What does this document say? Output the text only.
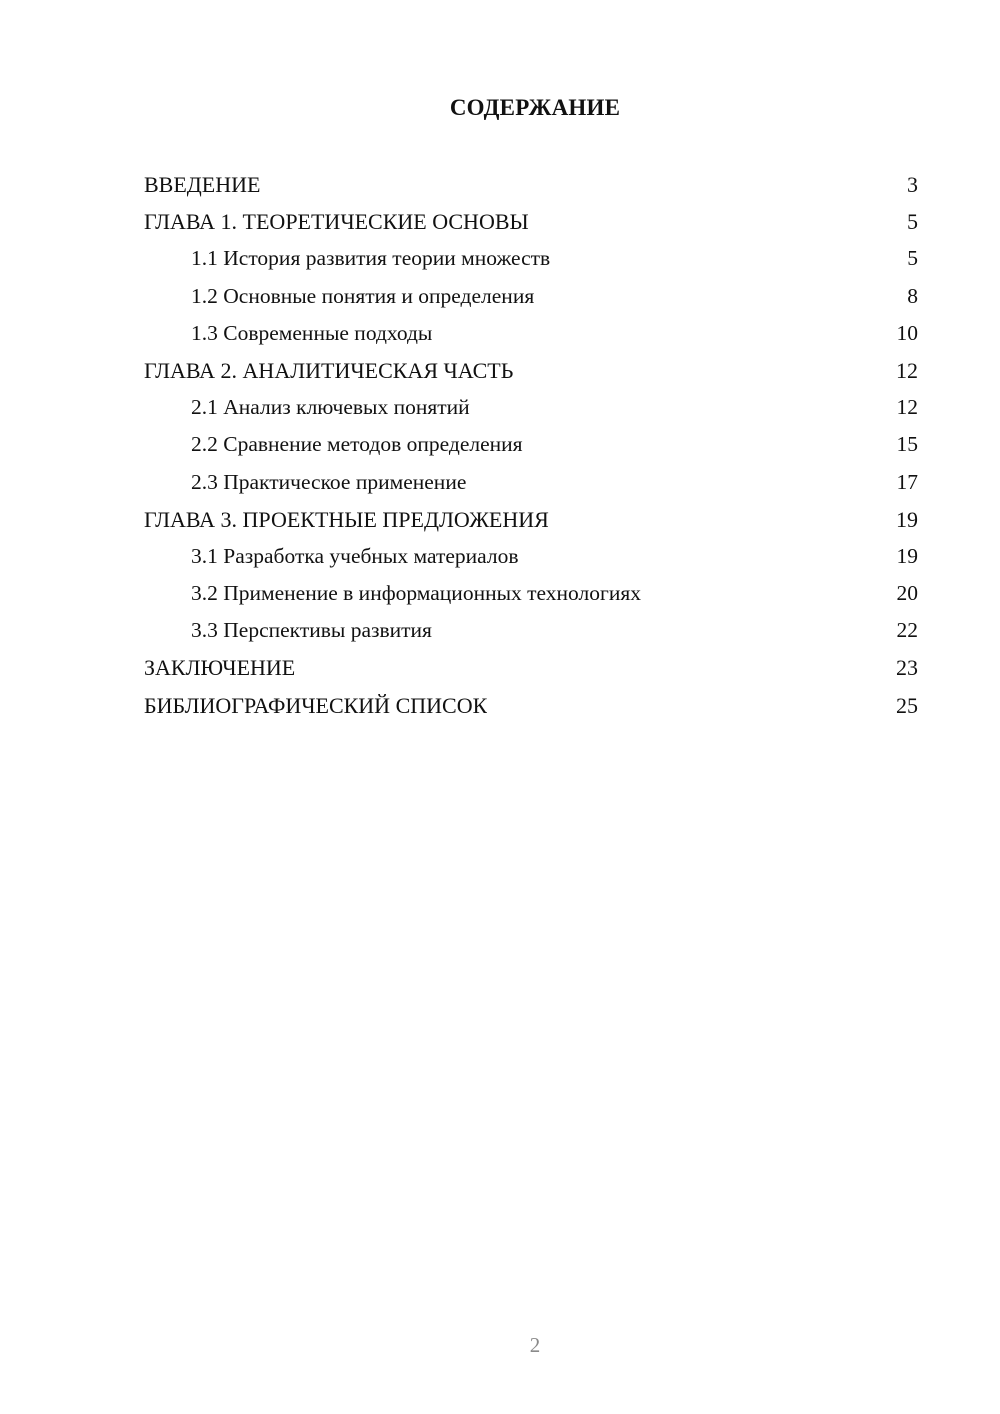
СОДЕРЖАНИЕ
ВВЕДЕНИЕ	3
ГЛАВА 1. ТЕОРЕТИЧЕСКИЕ ОСНОВЫ	5
1.1 История развития теории множеств	5
1.2 Основные понятия и определения	8
1.3 Современные подходы	10
ГЛАВА 2. АНАЛИТИЧЕСКАЯ ЧАСТЬ	12
2.1 Анализ ключевых понятий	12
2.2 Сравнение методов определения	15
2.3 Практическое применение	17
ГЛАВА 3. ПРОЕКТНЫЕ ПРЕДЛОЖЕНИЯ	19
3.1 Разработка учебных материалов	19
3.2 Применение в информационных технологиях	20
3.3 Перспективы развития	22
ЗАКЛЮЧЕНИЕ	23
БИБЛИОГРАФИЧЕСКИЙ СПИСОК	25
2
